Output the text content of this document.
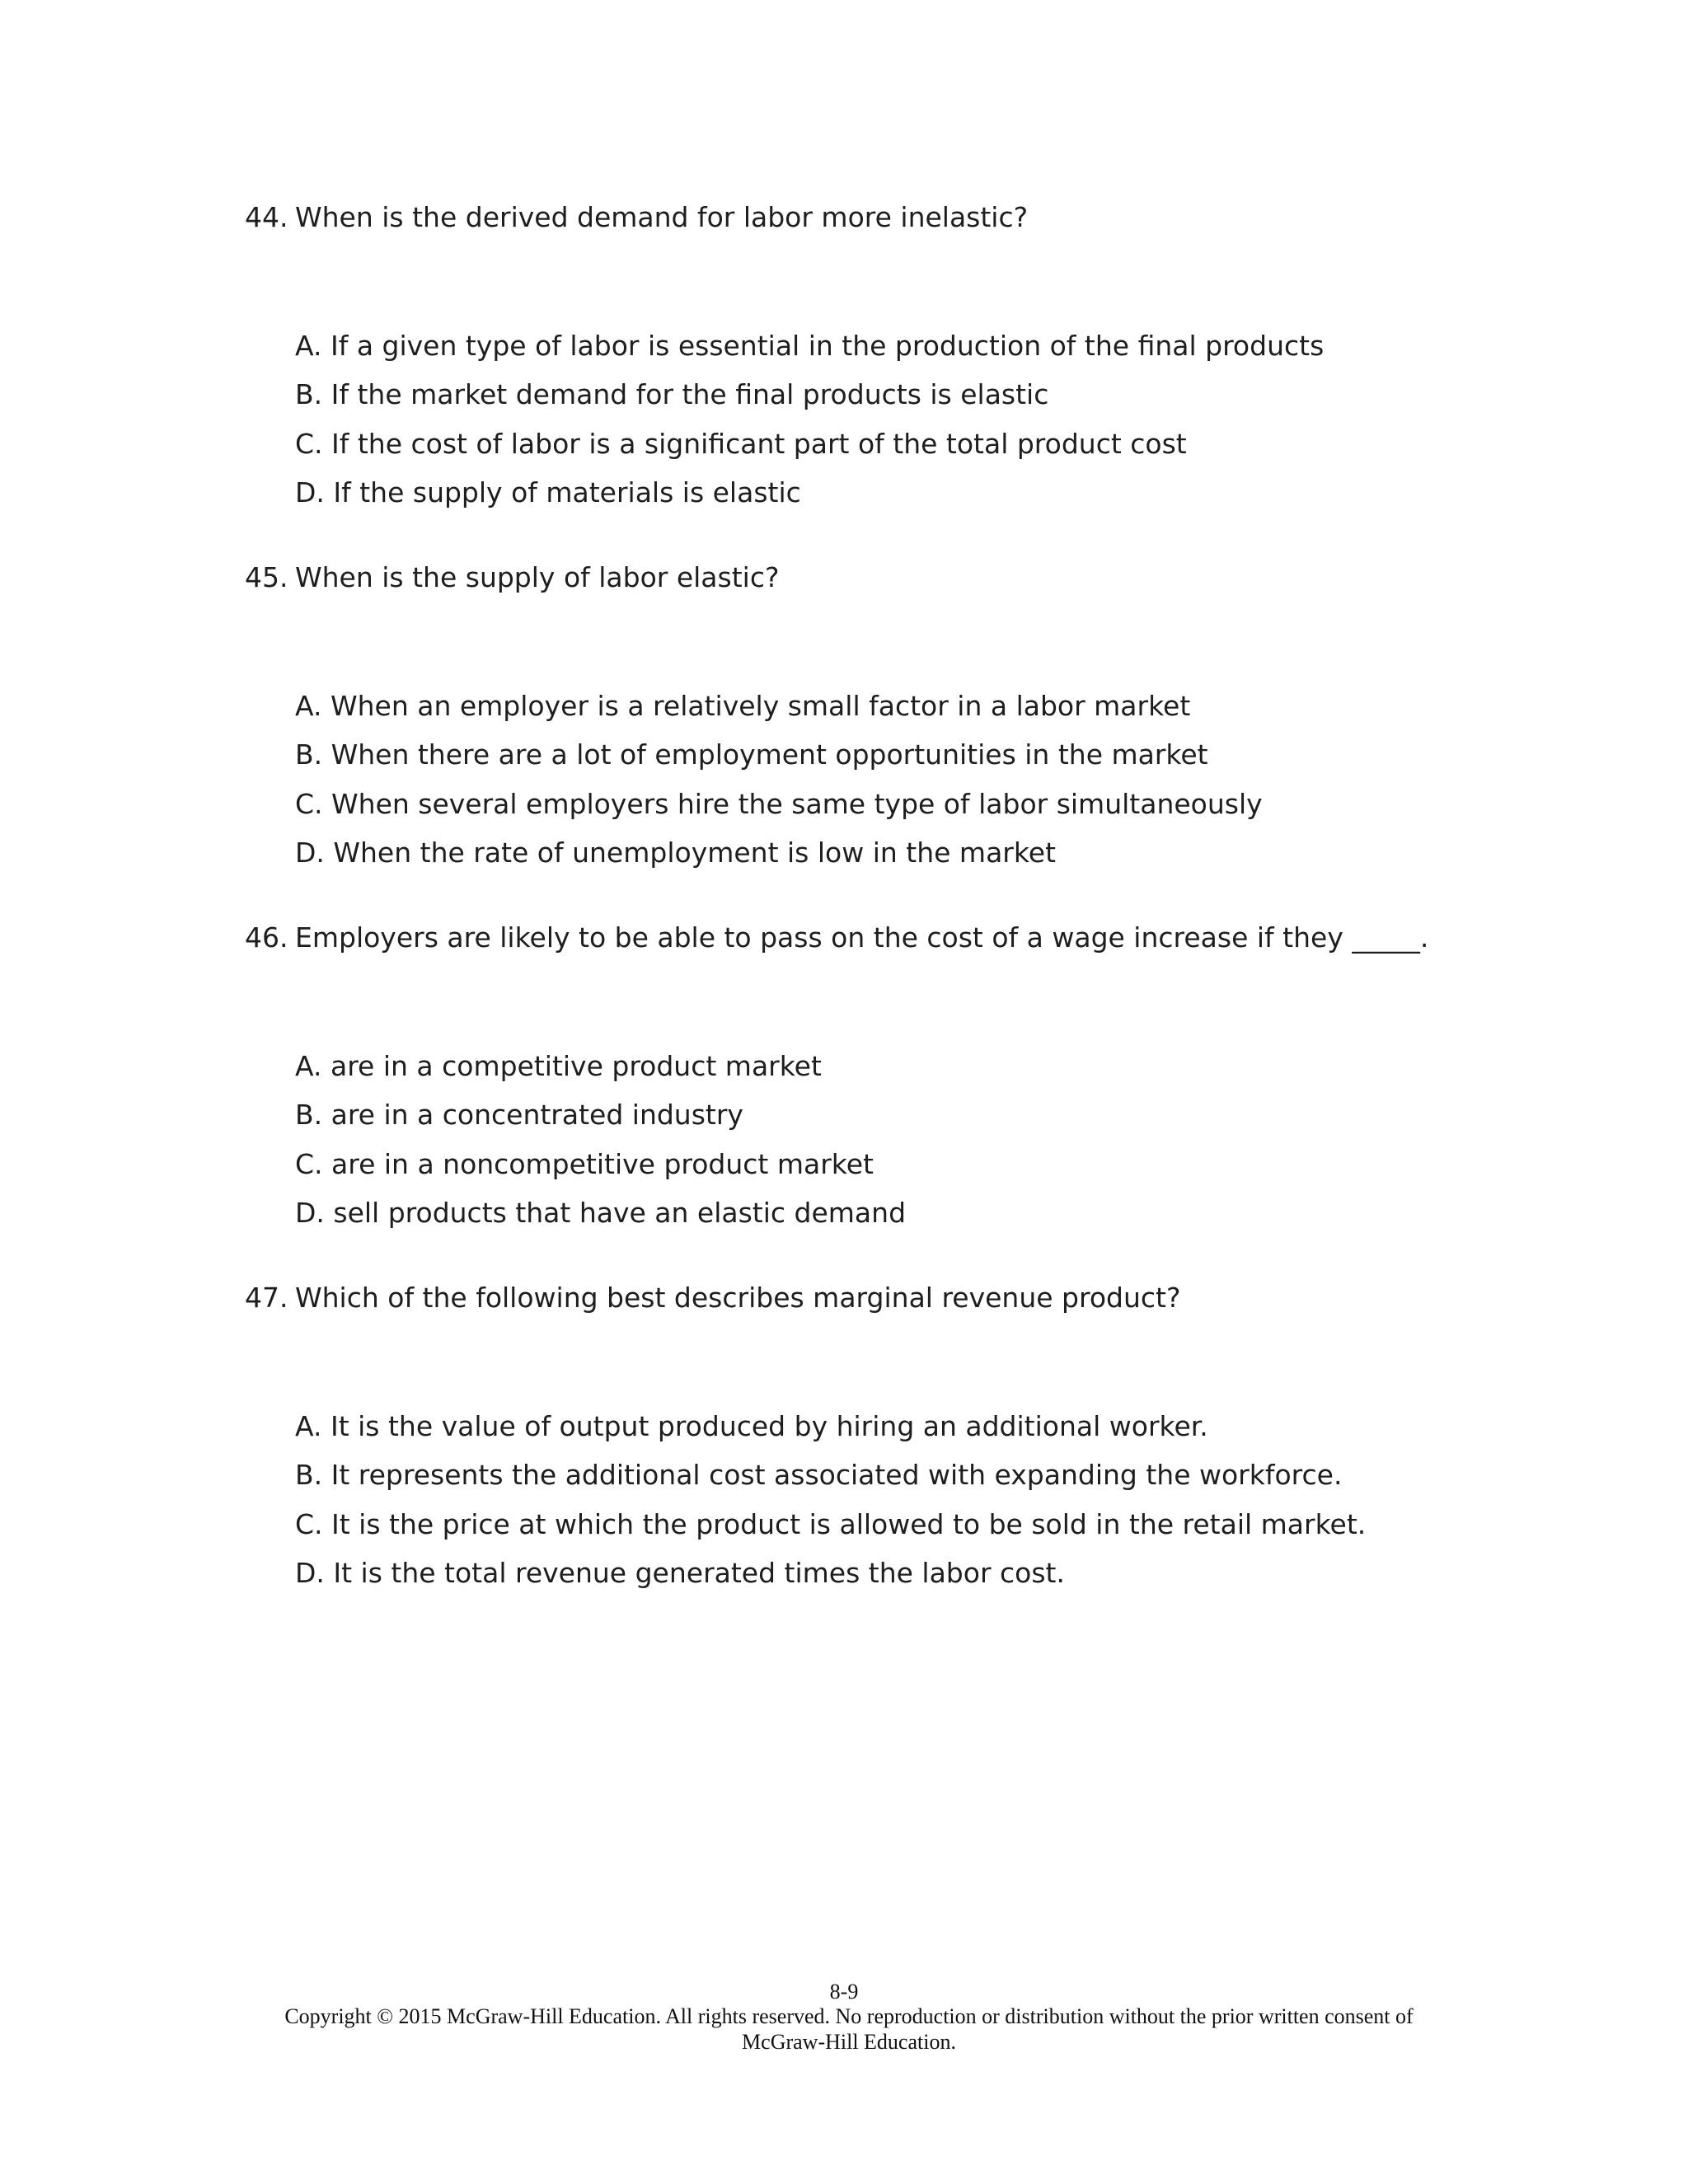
44. When is the derived demand for labor more inelastic?
A. If a given type of labor is essential in the production of the final products
B. If the market demand for the final products is elastic
C. If the cost of labor is a significant part of the total product cost
D. If the supply of materials is elastic
45. When is the supply of labor elastic?
A. When an employer is a relatively small factor in a labor market
B. When there are a lot of employment opportunities in the market
C. When several employers hire the same type of labor simultaneously
D. When the rate of unemployment is low in the market
46. Employers are likely to be able to pass on the cost of a wage increase if they _____.
A. are in a competitive product market
B. are in a concentrated industry
C. are in a noncompetitive product market
D. sell products that have an elastic demand
47. Which of the following best describes marginal revenue product?
A. It is the value of output produced by hiring an additional worker.
B. It represents the additional cost associated with expanding the workforce.
C. It is the price at which the product is allowed to be sold in the retail market.
D. It is the total revenue generated times the labor cost.
8-9
Copyright © 2015 McGraw-Hill Education. All rights reserved. No reproduction or distribution without the prior written consent of McGraw-Hill Education.
